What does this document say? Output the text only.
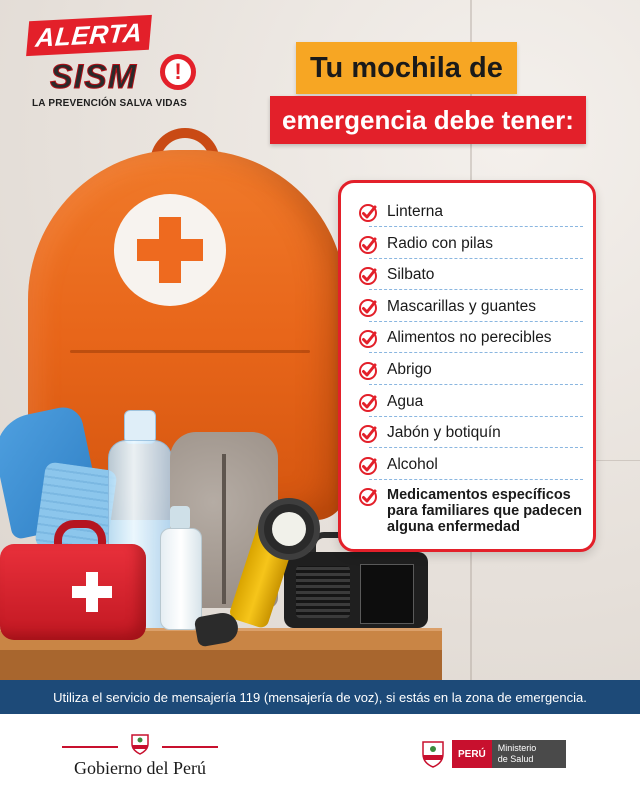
ALERTA
SISM	!
LA PREVENCIÓN SALVA VIDAS
Tu mochila de
emergencia debe tener:
Linterna
Radio con pilas
Silbato
Mascarillas y guantes
Alimentos no perecibles
Abrigo
Agua
Jabón y botiquín
Alcohol
Medicamentos específicos
para familiares que padecen
alguna enfermedad
Utiliza el servicio de mensajería 119 (mensajería de voz), si estás en la zona de emergencia.
Gobierno del Perú
PERÚ
Ministerio
de Salud
